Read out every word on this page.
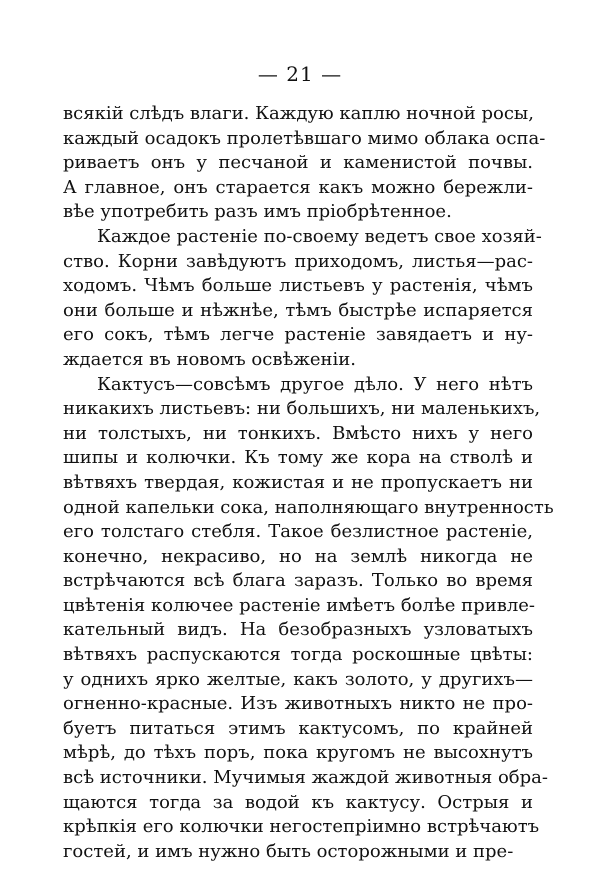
— 21 —

всякій слѣдъ влаги. Каждую каплю ночной росы,
каждый осадокъ пролетѣвшаго мимо облака оспа-
риваетъ онъ у песчаной и каменистой почвы.
А главное, онъ старается какъ можно бережли-
вѣе употребить разъ имъ пріобрѣтенное.

Каждое растеніе по-своему ведетъ свое хозяй-
ство. Корни завѣдуютъ приходомъ, листья—рас-
ходомъ. Чѣмъ больше листьевъ у растенія, чѣмъ
они больше и нѣжнѣе, тѣмъ быстрѣе испаряется
его сокъ, тѣмъ легче растеніе завядаетъ и ну-
ждается въ новомъ освѣженіи.

Кактусъ—совсѣмъ другое дѣло. У него нѣтъ
никакихъ листьевъ: ни большихъ, ни маленькихъ,
ни толстыхъ, ни тонкихъ. Вмѣсто нихъ у него
шипы и колючки. Къ тому же кора на стволѣ и
вѣтвяхъ твердая, кожистая и не пропускаетъ ни
одной капельки сока, наполняющаго внутренность
его толстаго стебля. Такое безлистное растеніе,
конечно, некрасиво, но на землѣ никогда не
встрѣчаются всѣ блага заразъ. Только во время
цвѣтенія колючее растеніе имѣетъ болѣе привле-
кательный видъ. На безобразныхъ узловатыхъ
вѣтвяхъ распускаются тогда роскошные цвѣты:
у однихъ ярко желтые, какъ золото, у другихъ—
огненно-красные. Изъ животныхъ никто не про-
буетъ питаться этимъ кактусомъ, по крайней
мѣрѣ, до тѣхъ поръ, пока кругомъ не высохнутъ
всѣ источники. Мучимыя жаждой животныя обра-
щаются тогда за водой къ кактусу. Острыя и
крѣпкія его колючки негостепріимно встрѣчаютъ
гостей, и имъ нужно быть осторожными и пре-
